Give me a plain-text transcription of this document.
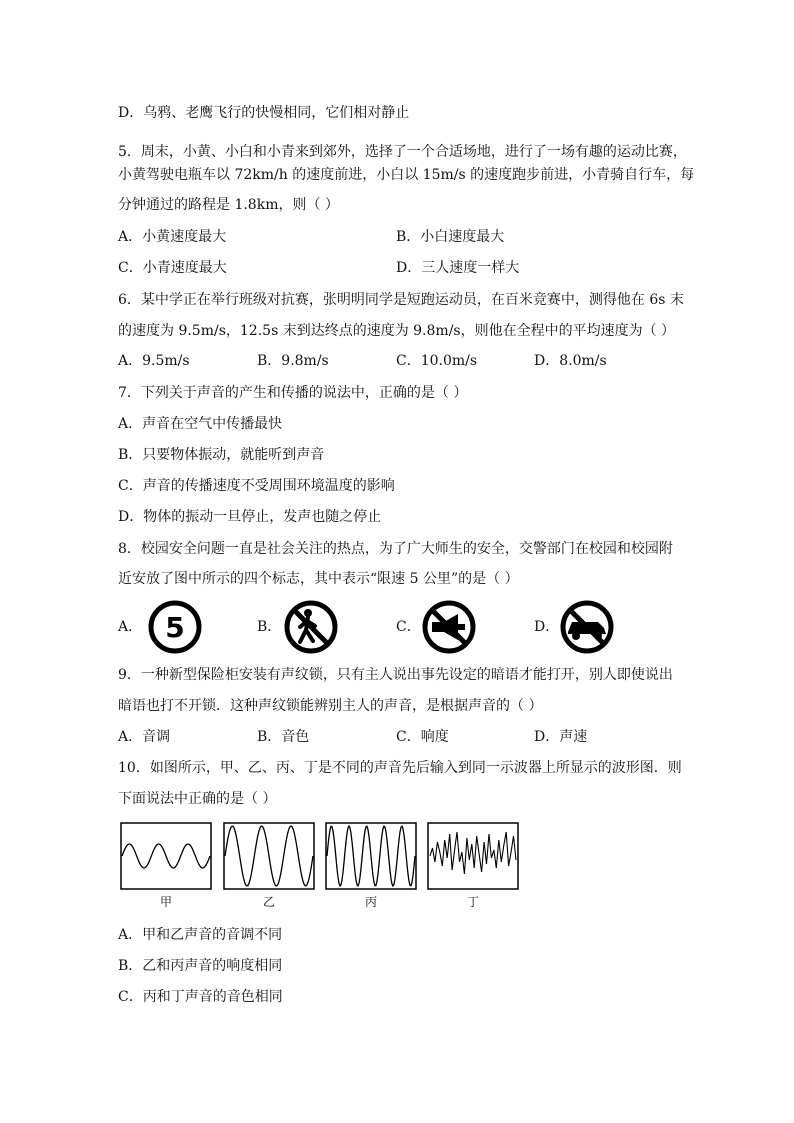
D．乌鸦、老鹰飞行的快慢相同，它们相对静止
5．周末，小黄、小白和小青来到郊外，选择了一个合适场地，进行了一场有趣的运动比赛，
小黄驾驶电瓶车以 72km/h 的速度前进，小白以 15m/s 的速度跑步前进，小青骑自行车，每
分钟通过的路程是 1.8km，则（ ）
A．小黄速度最大	B．小白速度最大
C．小青速度最大	D．三人速度一样大
6．某中学正在举行班级对抗赛，张明明同学是短跑运动员，在百米竞赛中，测得他在 6s 末
的速度为 9.5m/s，12.5s 末到达终点的速度为 9.8m/s，则他在全程中的平均速度为（ ）
A．9.5m/s	B．9.8m/s	C．10.0m/s	D．8.0m/s
7．下列关于声音的产生和传播的说法中，正确的是（ ）
A．声音在空气中传播最快
B．只要物体振动，就能听到声音
C．声音的传播速度不受周围环境温度的影响
D．物体的振动一旦停止，发声也随之停止
8．校园安全问题一直是社会关注的热点，为了广大师生的安全，交警部门在校园和校园附
近安放了图中所示的四个标志，其中表示“限速 5 公里”的是（ ）
A． 5	B．	C．	D．
9．一种新型保险柜安装有声纹锁，只有主人说出事先设定的暗语才能打开，别人即使说出
暗语也打不开锁．这种声纹锁能辨别主人的声音，是根据声音的（ ）
A．音调	B．音色	C．响度	D．声速
10．如图所示，甲、乙、丙、丁是不同的声音先后输入到同一示波器上所显示的波形图．则
下面说法中正确的是（ ）
甲	乙	丙	丁
A．甲和乙声音的音调不同
B．乙和丙声音的响度相同
C．丙和丁声音的音色相同
